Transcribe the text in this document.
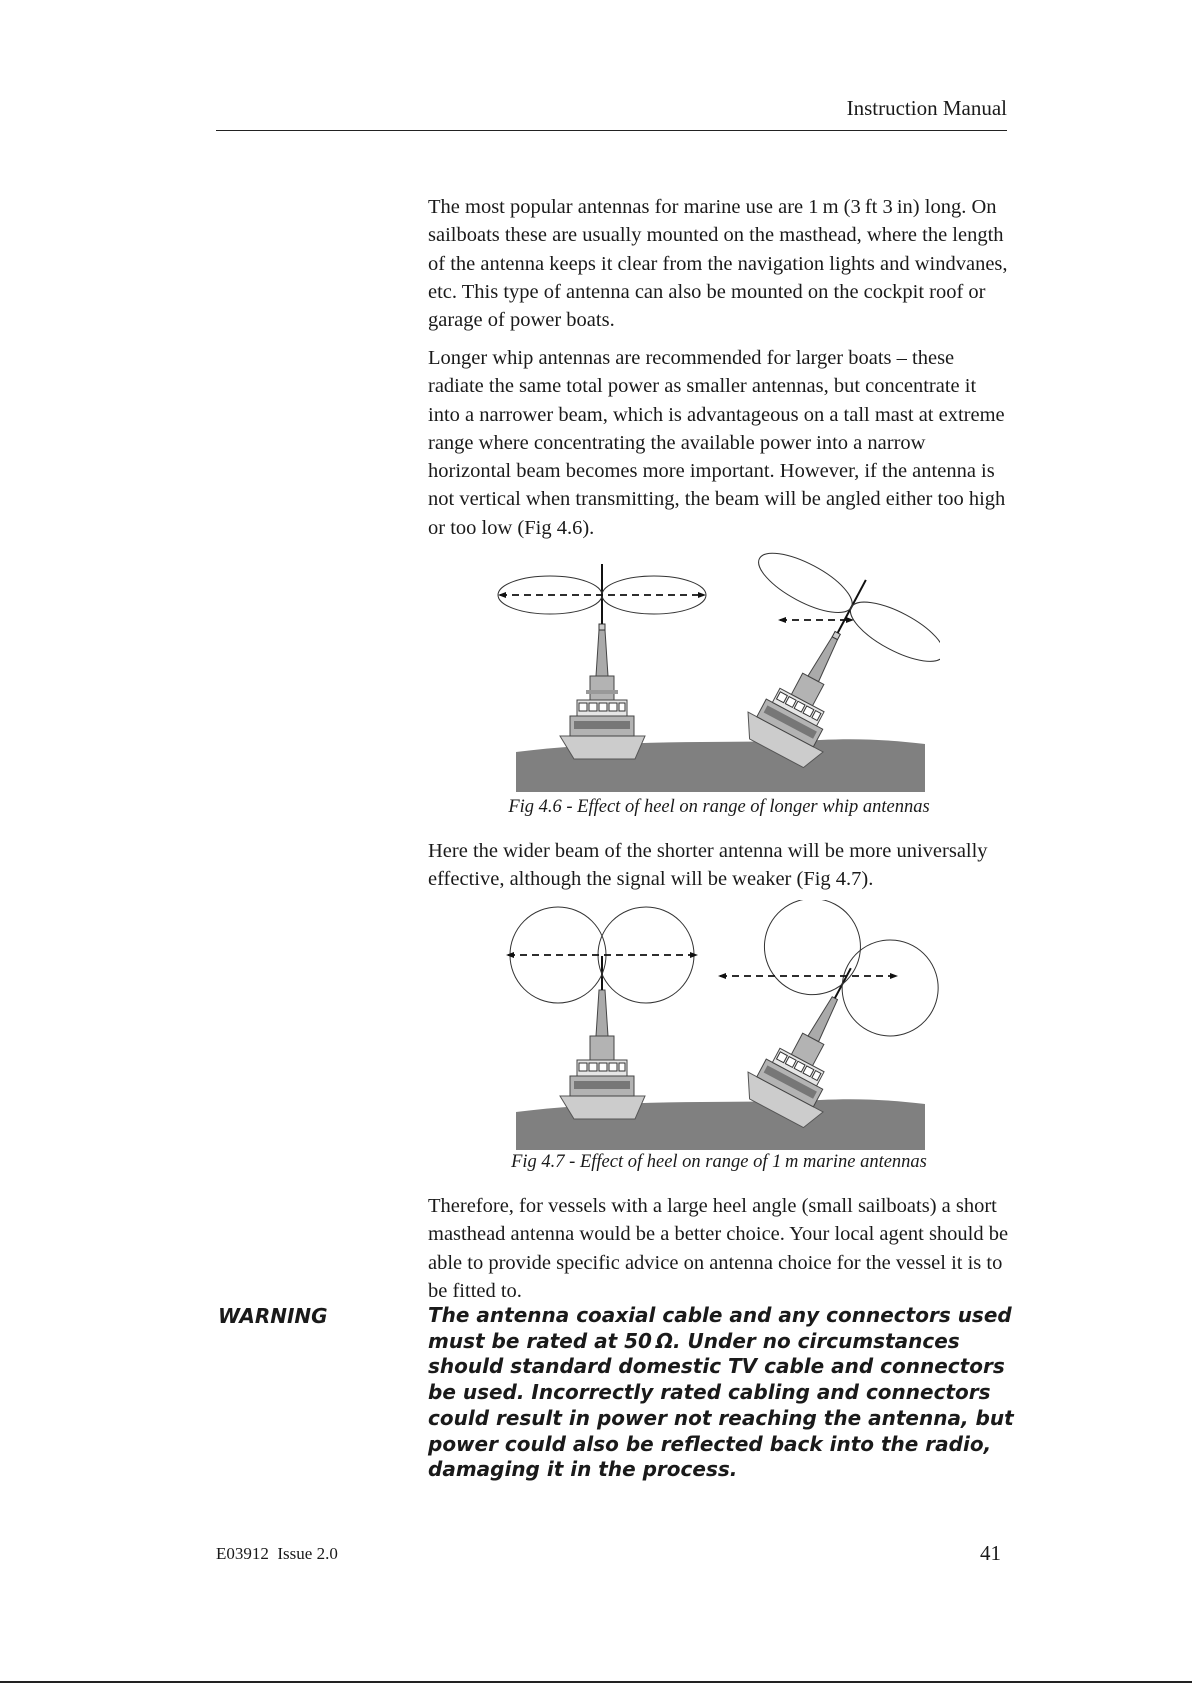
Instruction Manual

The most popular antennas for marine use are 1 m (3 ft 3 in) long. On sailboats these are usually mounted on the masthead, where the length of the antenna keeps it clear from the navigation lights and windvanes, etc. This type of antenna can also be mounted on the cockpit roof or garage of power boats.

Longer whip antennas are recommended for larger boats – these radiate the same total power as smaller antennas, but concentrate it into a narrower beam, which is advantageous on a tall mast at extreme range where concentrating the available power into a narrow horizontal beam becomes more important. However, if the antenna is not vertical when transmitting, the beam will be angled either too high or too low (Fig 4.6).

Fig 4.6 - Effect of heel on range of longer whip antennas

Here the wider beam of the shorter antenna will be more universally effective, although the signal will be weaker (Fig 4.7).

Fig 4.7 - Effect of heel on range of 1 m marine antennas

Therefore, for vessels with a large heel angle (small sailboats) a short masthead antenna would be a better choice. Your local agent should be able to provide specific advice on antenna choice for the vessel it is to be fitted to.

WARNING	The antenna coaxial cable and any connectors used must be rated at 50 Ω. Under no circumstances should standard domestic TV cable and connectors be used. Incorrectly rated cabling and connectors could result in power not reaching the antenna, but power could also be reflected back into the radio, damaging it in the process.
E03912  Issue 2.0	41
